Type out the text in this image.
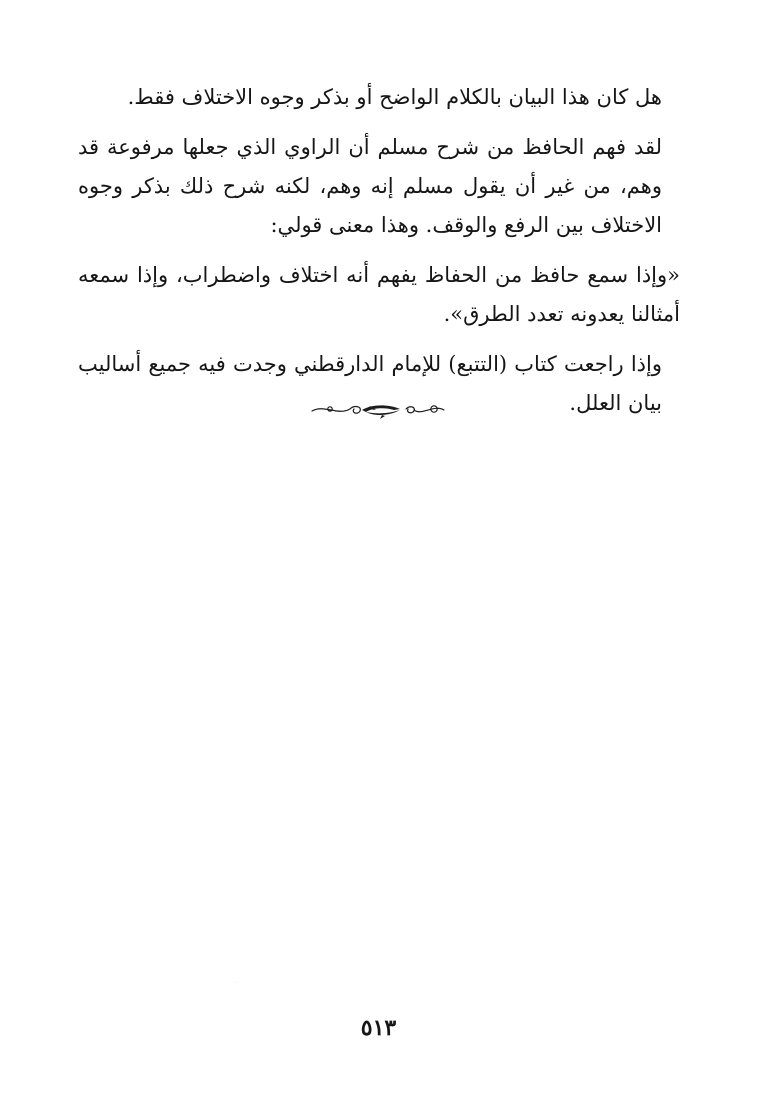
هل كان هذا البيان بالكلام الواضح أو بذكر وجوه الاختلاف فقط.

لقد فهم الحافظ من شرح مسلم أن الراوي الذي جعلها مرفوعة قد
وهم، من غير أن يقول مسلم إنه وهم، لكنه شرح ذلك بذكر وجوه
الاختلاف بين الرفع والوقف. وهذا معنى قولي:

«وإذا سمع حافظ من الحفاظ يفهم أنه اختلاف واضطراب، وإذا سمعه
أمثالنا يعدونه تعدد الطرق».

وإذا راجعت كتاب (التتبع) للإمام الدارقطني وجدت فيه جميع أساليب
بيان العلل.

٥١٣
